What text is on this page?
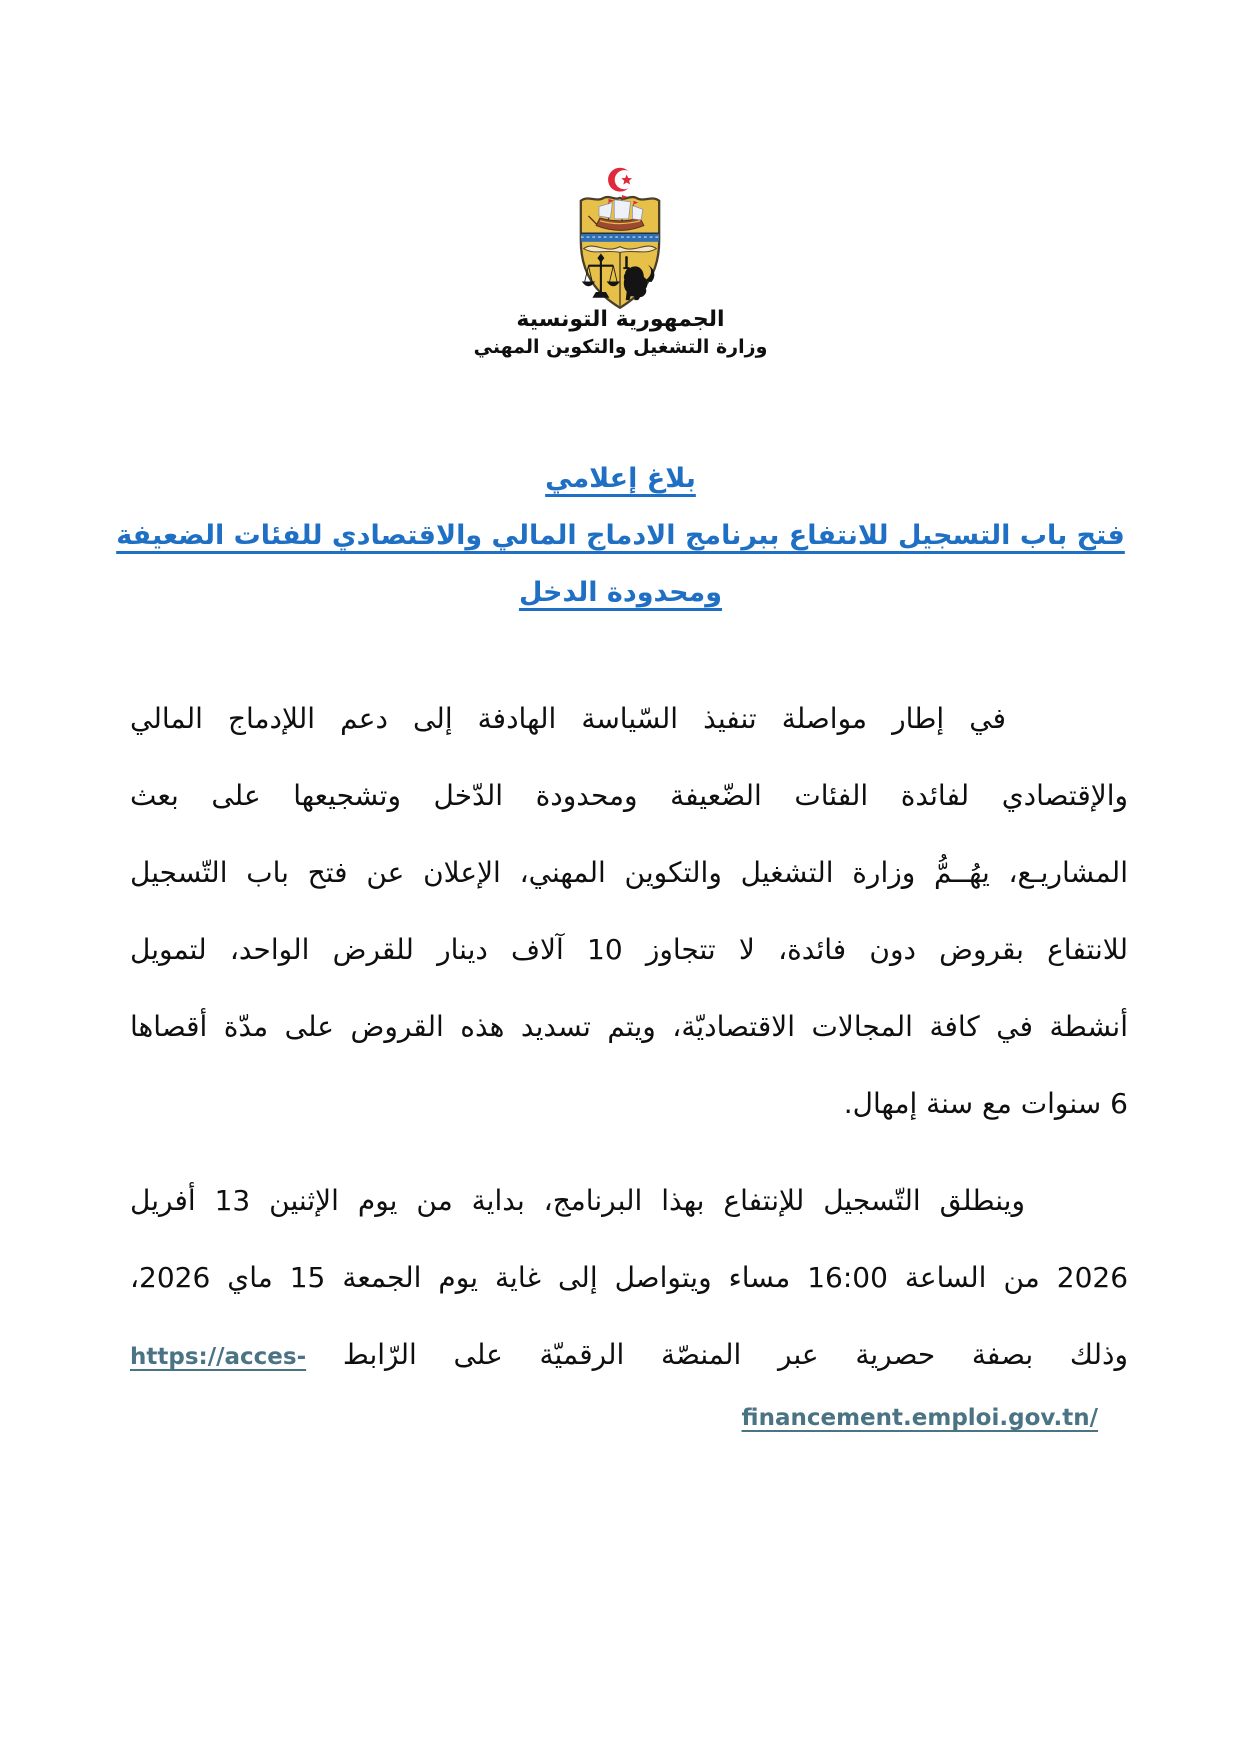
الجمهورية التونسية
وزارة التشغيل والتكوين المهني
بلاغ إعلامي
فتح باب التسجيل للانتفاع ببرنامج الادماج المالي والاقتصادي للفئات الضعيفة
ومحدودة الدخل
في إطار مواصلة تنفيذ السّياسة الهادفة إلى دعم اللإدماج المالي
والإقتصادي لفائدة الفئات الضّعيفة ومحدودة الدّخل وتشجيعها على بعث
المشاريـع، يهُــمُّ وزارة التشغيل والتكوين المهني، الإعلان عن فتح باب التّسجيل
للانتفاع بقروض دون فائدة، لا تتجاوز 10 آلاف دينار للقرض الواحد، لتمويل
أنشطة في كافة المجالات الاقتصاديّة، ويتم تسديد هذه القروض على مدّة أقصاها
6 سنوات مع سنة إمهال.
وينطلق التّسجيل للإنتفاع بهذا البرنامج، بداية من يوم الإثنين 13 أفريل
2026 من الساعة 16:00 مساء ويتواصل إلى غاية يوم الجمعة 15 ماي 2026،
وذلك بصفة حصرية عبر المنصّة الرقميّة على الرّابط https://acces-
financement.emploi.gov.tn/
